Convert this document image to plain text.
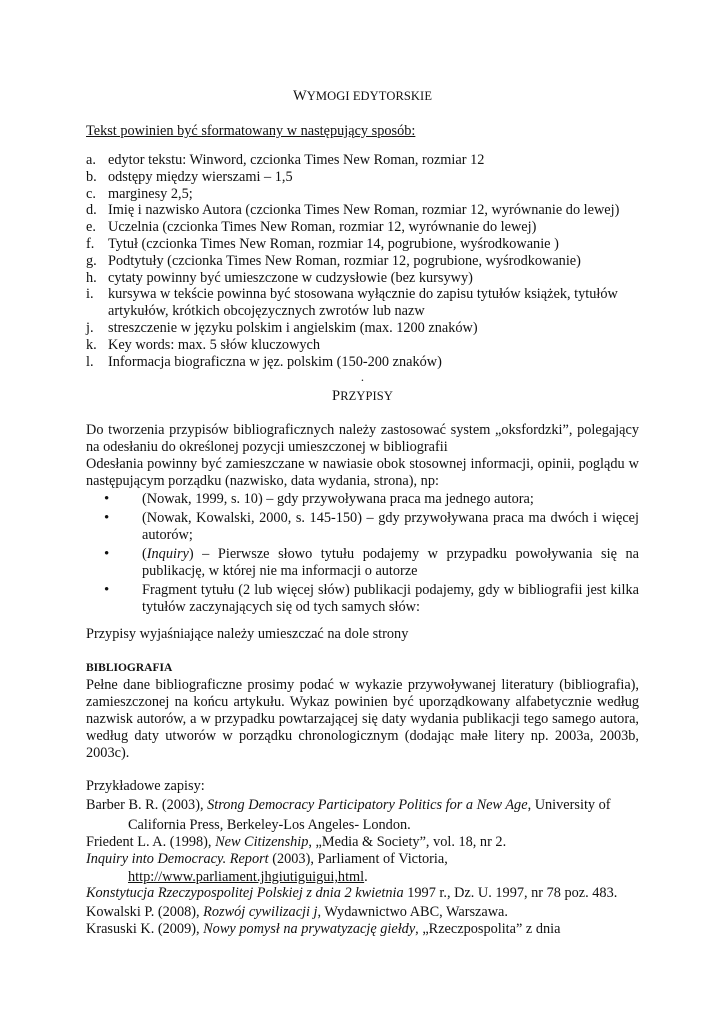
WYMOGI EDYTORSKIE
Tekst powinien być sformatowany w następujący sposób:
a. edytor tekstu: Winword, czcionka Times New Roman, rozmiar 12
b. odstępy między wierszami – 1,5
c. marginesy 2,5;
d. Imię i nazwisko Autora (czcionka Times New Roman, rozmiar 12, wyrównanie do lewej)
e. Uczelnia (czcionka Times New Roman, rozmiar 12, wyrównanie do lewej)
f. Tytuł (czcionka Times New Roman, rozmiar 14, pogrubione, wyśrodkowanie )
g. Podtytuły (czcionka Times New Roman, rozmiar 12, pogrubione, wyśrodkowanie)
h. cytaty powinny być umieszczone w cudzysłowie (bez kursywy)
i. kursywa w tekście powinna być stosowana wyłącznie do zapisu tytułów książek, tytułów artykułów, krótkich obcojęzycznych zwrotów lub nazw
j. streszczenie w języku polskim i angielskim (max. 1200 znaków)
k. Key words: max. 5 słów kluczowych
l. Informacja biograficzna w jęz. polskim (150-200 znaków)
.
PRZYPISY
Do tworzenia przypisów bibliograficznych należy zastosować system „oksfordzki”, polegający na odesłaniu do określonej pozycji umieszczonej w bibliografii
Odesłania powinny być zamieszczane w nawiasie obok stosownej informacji, opinii, poglądu w następującym porządku (nazwisko, data wydania, strona), np:
• (Nowak, 1999, s. 10) – gdy przywoływana praca ma jednego autora;
• (Nowak, Kowalski, 2000, s. 145-150) – gdy przywoływana praca ma dwóch i więcej autorów;
• (Inquiry) – Pierwsze słowo tytułu podajemy w przypadku powoływania się na publikację, w której nie ma informacji o autorze
• Fragment tytułu (2 lub więcej słów) publikacji podajemy, gdy w bibliografii jest kilka tytułów zaczynających się od tych samych słów:
Przypisy wyjaśniające należy umieszczać na dole strony
BIBLIOGRAFIA
Pełne dane bibliograficzne prosimy podać w wykazie przywoływanej literatury (bibliografia), zamieszczonej na końcu artykułu. Wykaz powinien być uporządkowany alfabetycznie według nazwisk autorów, a w przypadku powtarzającej się daty wydania publikacji tego samego autora, według daty utworów w porządku chronologicznym (dodając małe litery np. 2003a, 2003b, 2003c).
Przykładowe zapisy:
Barber B. R. (2003), Strong Democracy Participatory Politics for a New Age, University of
California Press, Berkeley-Los Angeles- London.
Friedent L. A. (1998), New Citizenship, „Media & Society”, vol. 18, nr 2.
Inquiry into Democracy. Report (2003), Parliament of Victoria,
http://www.parliament.jhgiutiguigui,html.
Konstytucja Rzeczypospolitej Polskiej z dnia 2 kwietnia 1997 r., Dz. U. 1997, nr 78 poz. 483.
Kowalski P. (2008), Rozwój cywilizacji j, Wydawnictwo ABC, Warszawa.
Krasuski K. (2009), Nowy pomysł na prywatyzację giełdy, „Rzeczpospolita” z dnia
